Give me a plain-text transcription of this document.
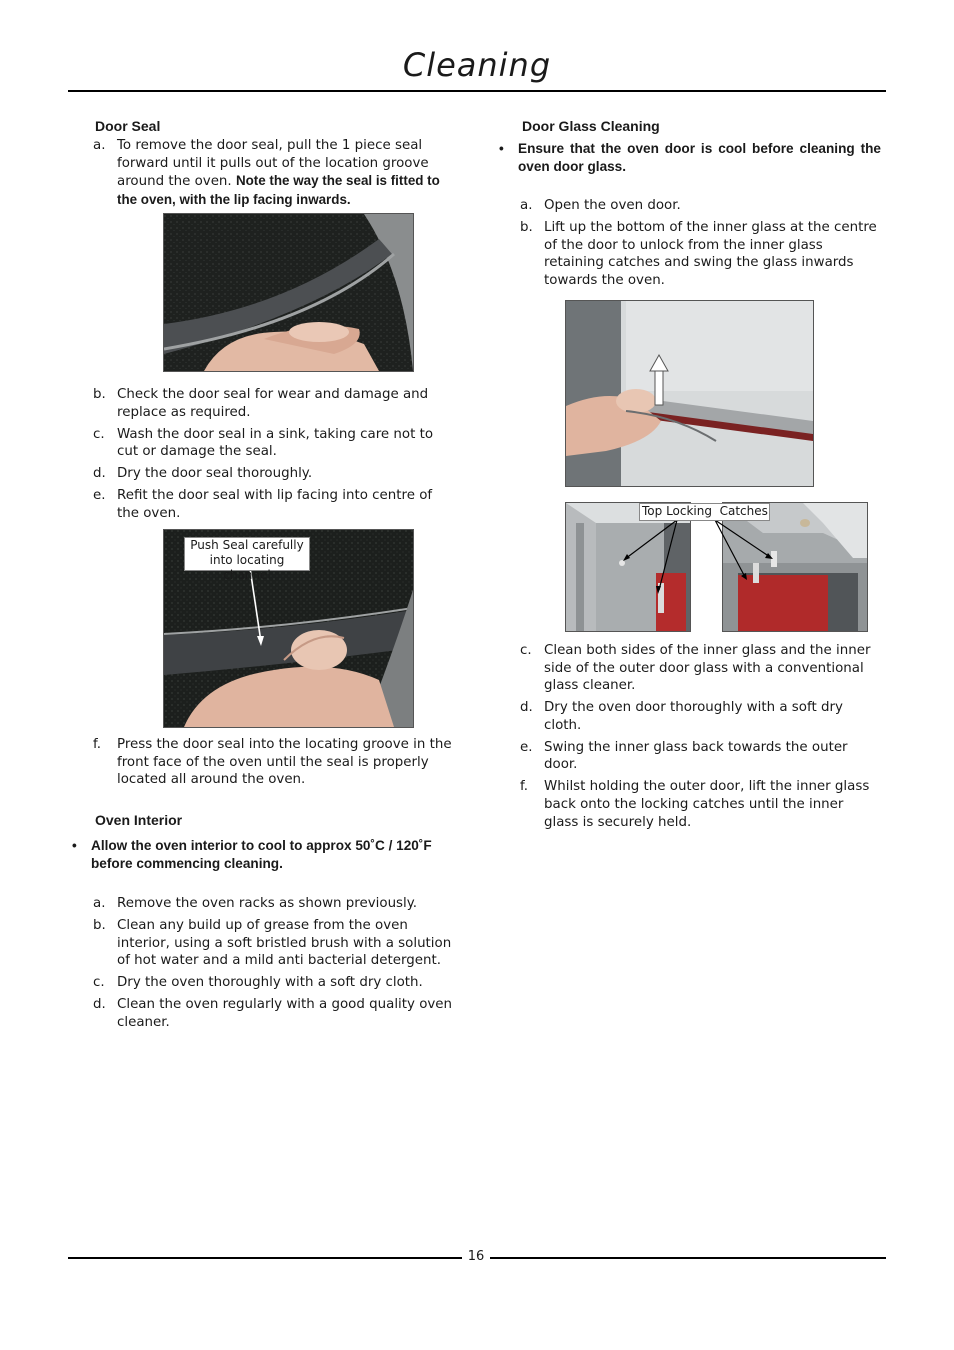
Cleaning
Door Seal
a. To remove the door seal, pull the 1 piece seal forward until it pulls out of the location groove around the oven. Note the way the seal is fitted to the oven, with the lip facing inwards.
b. Check the door seal for wear and damage and replace as required.
c. Wash the door seal in a sink, taking care not to cut or damage the seal.
d. Dry the door seal thoroughly.
e. Refit the door seal with lip facing into centre of the oven.
Push Seal carefully into locating channel
f. Press the door seal into the locating groove in the front face of the oven until the seal is properly located all around the oven.
Oven Interior
• Allow the oven interior to cool to approx 50˚C / 120˚F before commencing cleaning.
a. Remove the oven racks as shown previously.
b. Clean any build up of grease from the oven interior, using a soft bristled brush with a solution of hot water and a mild anti bacterial detergent.
c. Dry the oven thoroughly with a soft dry cloth.
d. Clean the oven regularly with a good quality oven cleaner.
Door Glass Cleaning
• Ensure that the oven door is cool before cleaning the oven door glass.
a. Open the oven door.
b. Lift up the bottom of the inner glass at the centre of the door to unlock from the inner glass retaining catches and swing the glass inwards towards the oven.
Top Locking  Catches
c. Clean both sides of the inner glass and the inner side of the outer door glass with a conventional glass cleaner.
d. Dry the oven door thoroughly with a soft dry cloth.
e. Swing the inner glass back towards the outer door.
f. Whilst holding the outer door, lift the inner glass back onto the locking catches until the inner glass is securely held.
16
